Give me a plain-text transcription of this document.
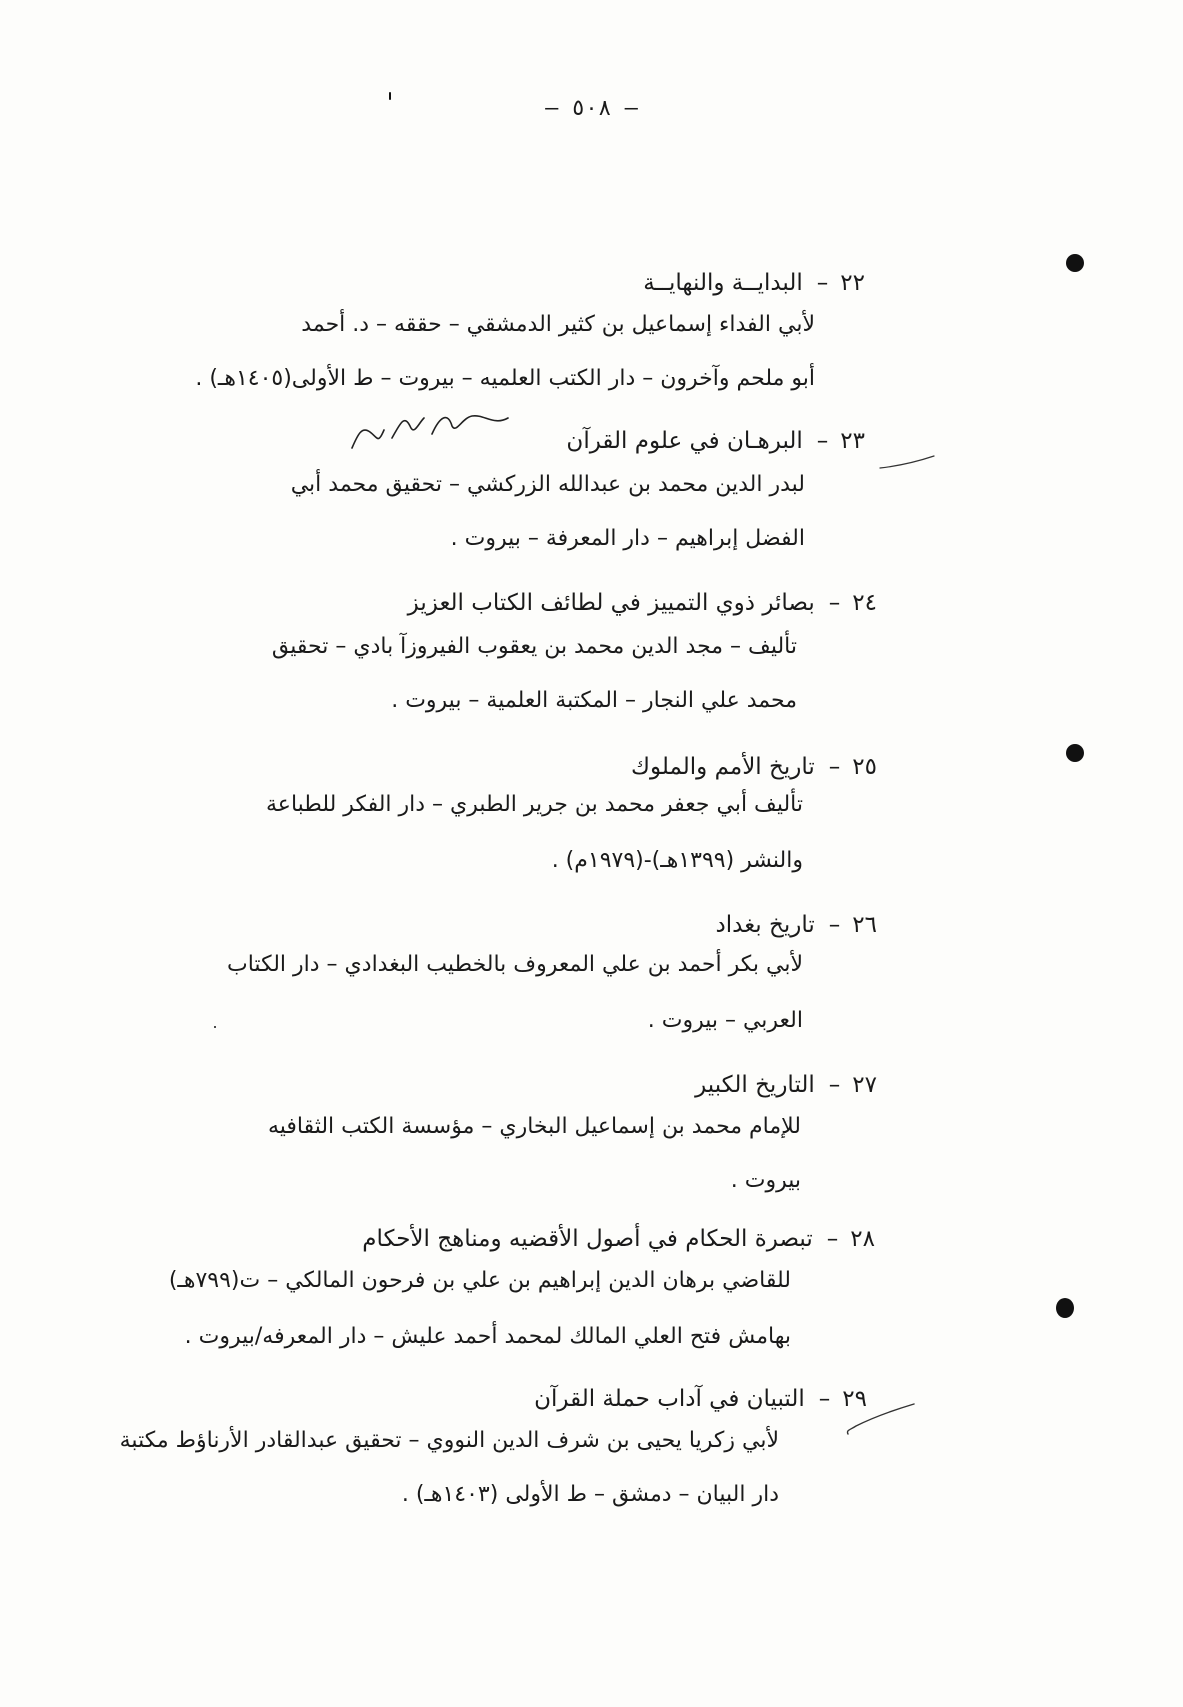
— ٥٠٨ —
٢٢–البدايــة والنهايــة
لأبي الفداء إسماعيل بن كثير الدمشقي – حققه – د. أحمد
أبو ملحم وآخرون – دار الكتب العلميه – بيروت – ط الأولى(١٤٠٥هـ) .
٢٣–البرهـان في علوم القرآن
لبدر الدين محمد بن عبدالله الزركشي – تحقيق محمد أبي
الفضل إبراهيم – دار المعرفة – بيروت .
٢٤–بصائر ذوي التمييز في لطائف الكتاب العزيز
تأليف – مجد الدين محمد بن يعقوب الفيروزآ بادي – تحقيق
محمد علي النجار – المكتبة العلمية – بيروت .
٢٥–تاريخ الأمم والملوك
تأليف أبي جعفر محمد بن جرير الطبري – دار الفكر للطباعة
والنشر (١٣٩٩هـ)-(١٩٧٩م) .
٢٦–تاريخ بغداد
لأبي بكر أحمد بن علي المعروف بالخطيب البغدادي – دار الكتاب
العربي – بيروت .
٢٧–التاريخ الكبير
للإمام محمد بن إسماعيل البخاري – مؤسسة الكتب الثقافيه
بيروت .
٢٨–تبصرة الحكام في أصول الأقضيه ومناهج الأحكام
للقاضي برهان الدين إبراهيم بن علي بن فرحون المالكي – ت(٧٩٩هـ)
بهامش فتح العلي المالك لمحمد أحمد عليش – دار المعرفه/بيروت .
٢٩–التبيان في آداب حملة القرآن
لأبي زكريا يحيى بن شرف الدين النووي – تحقيق عبدالقادر الأرناؤط مكتبة
دار البيان – دمشق – ط الأولى (١٤٠٣هـ) .
